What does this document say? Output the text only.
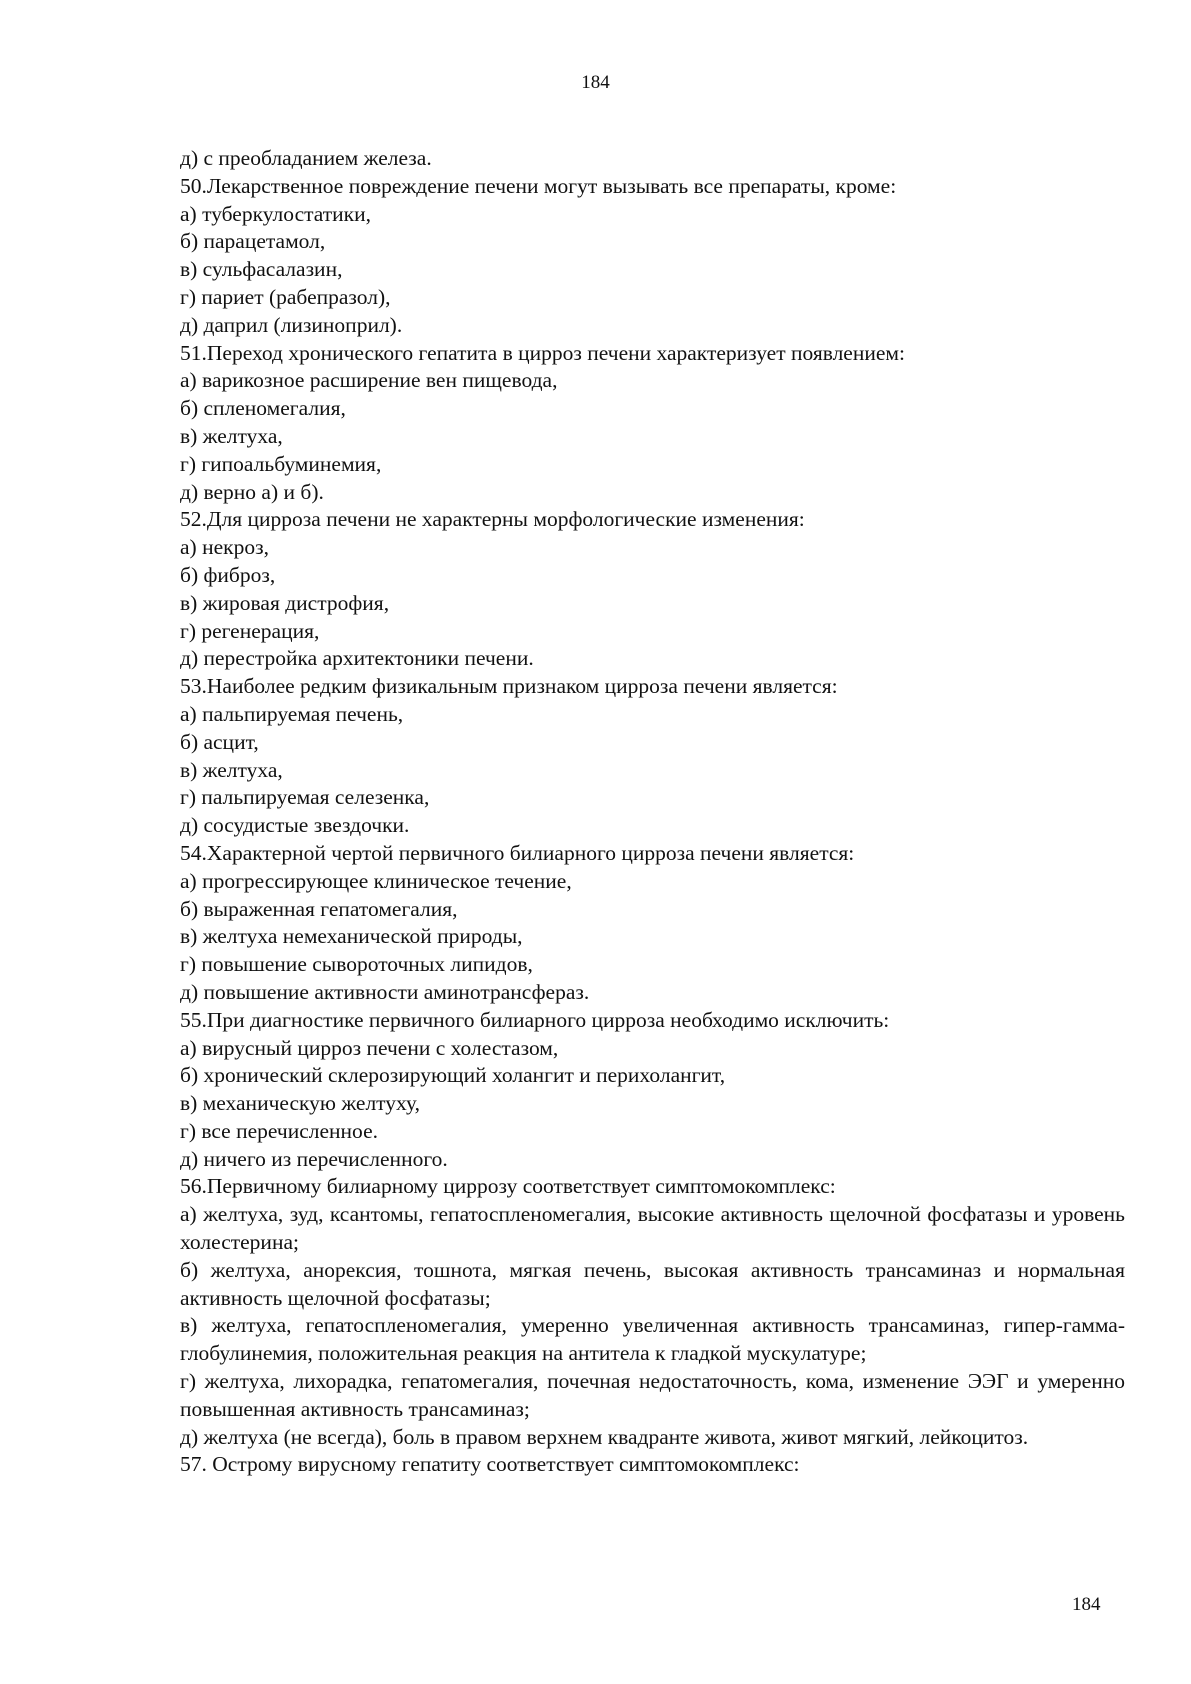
184

д) с преобладанием железа.

50.Лекарственное повреждение печени могут вызывать все препараты, кроме:

а) туберкулостатики,

б) парацетамол,

в) сульфасалазин,

г) париет (рабепразол),

д) даприл (лизиноприл).

51.Переход хронического гепатита в цирроз печени характеризует появлением:

а) варикозное расширение вен пищевода,

б) спленомегалия,

в) желтуха,

г) гипоальбуминемия,

д) верно а) и б).

52.Для цирроза печени не характерны морфологические изменения:

а) некроз,

б) фиброз,

в) жировая дистрофия,

г) регенерация,

д) перестройка архитектоники печени.

53.Наиболее редким физикальным признаком цирроза печени является:

а) пальпируемая печень,

б) асцит,

в) желтуха,

г) пальпируемая селезенка,

д) сосудистые звездочки.

54.Характерной чертой первичного билиарного цирроза печени является:

а) прогрессирующее клиническое течение,

б) выраженная гепатомегалия,

в) желтуха немеханической природы,

г) повышение сывороточных липидов,

д) повышение активности аминотрансфераз.

55.При диагностике первичного билиарного цирроза необходимо исключить:

а) вирусный цирроз печени с холестазом,

б) хронический склерозирующий холангит и перихолангит,

в) механическую желтуху,

г) все перечисленное.

д) ничего из перечисленного.

56.Первичному билиарному циррозу соответствует симптомокомплекс:

а) желтуха, зуд, ксантомы, гепатоспленомегалия, высокие активность щелочной фосфатазы и уровень холестерина;

б) желтуха, анорексия, тошнота, мягкая печень, высокая активность трансаминаз и нормальная активность щелочной фосфатазы;

в) желтуха, гепатоспленомегалия, умеренно увеличенная активность трансаминаз, гипер-гамма-глобулинемия, положительная реакция на антитела к гладкой мускулатуре;

г) желтуха, лихорадка, гепатомегалия, почечная недостаточность, кома, изменение ЭЭГ и умеренно повышенная активность трансаминаз;

д) желтуха (не всегда), боль в правом верхнем квадранте живота, живот мягкий, лейкоцитоз.

57. Острому вирусному гепатиту соответствует симптомокомплекс:

184
